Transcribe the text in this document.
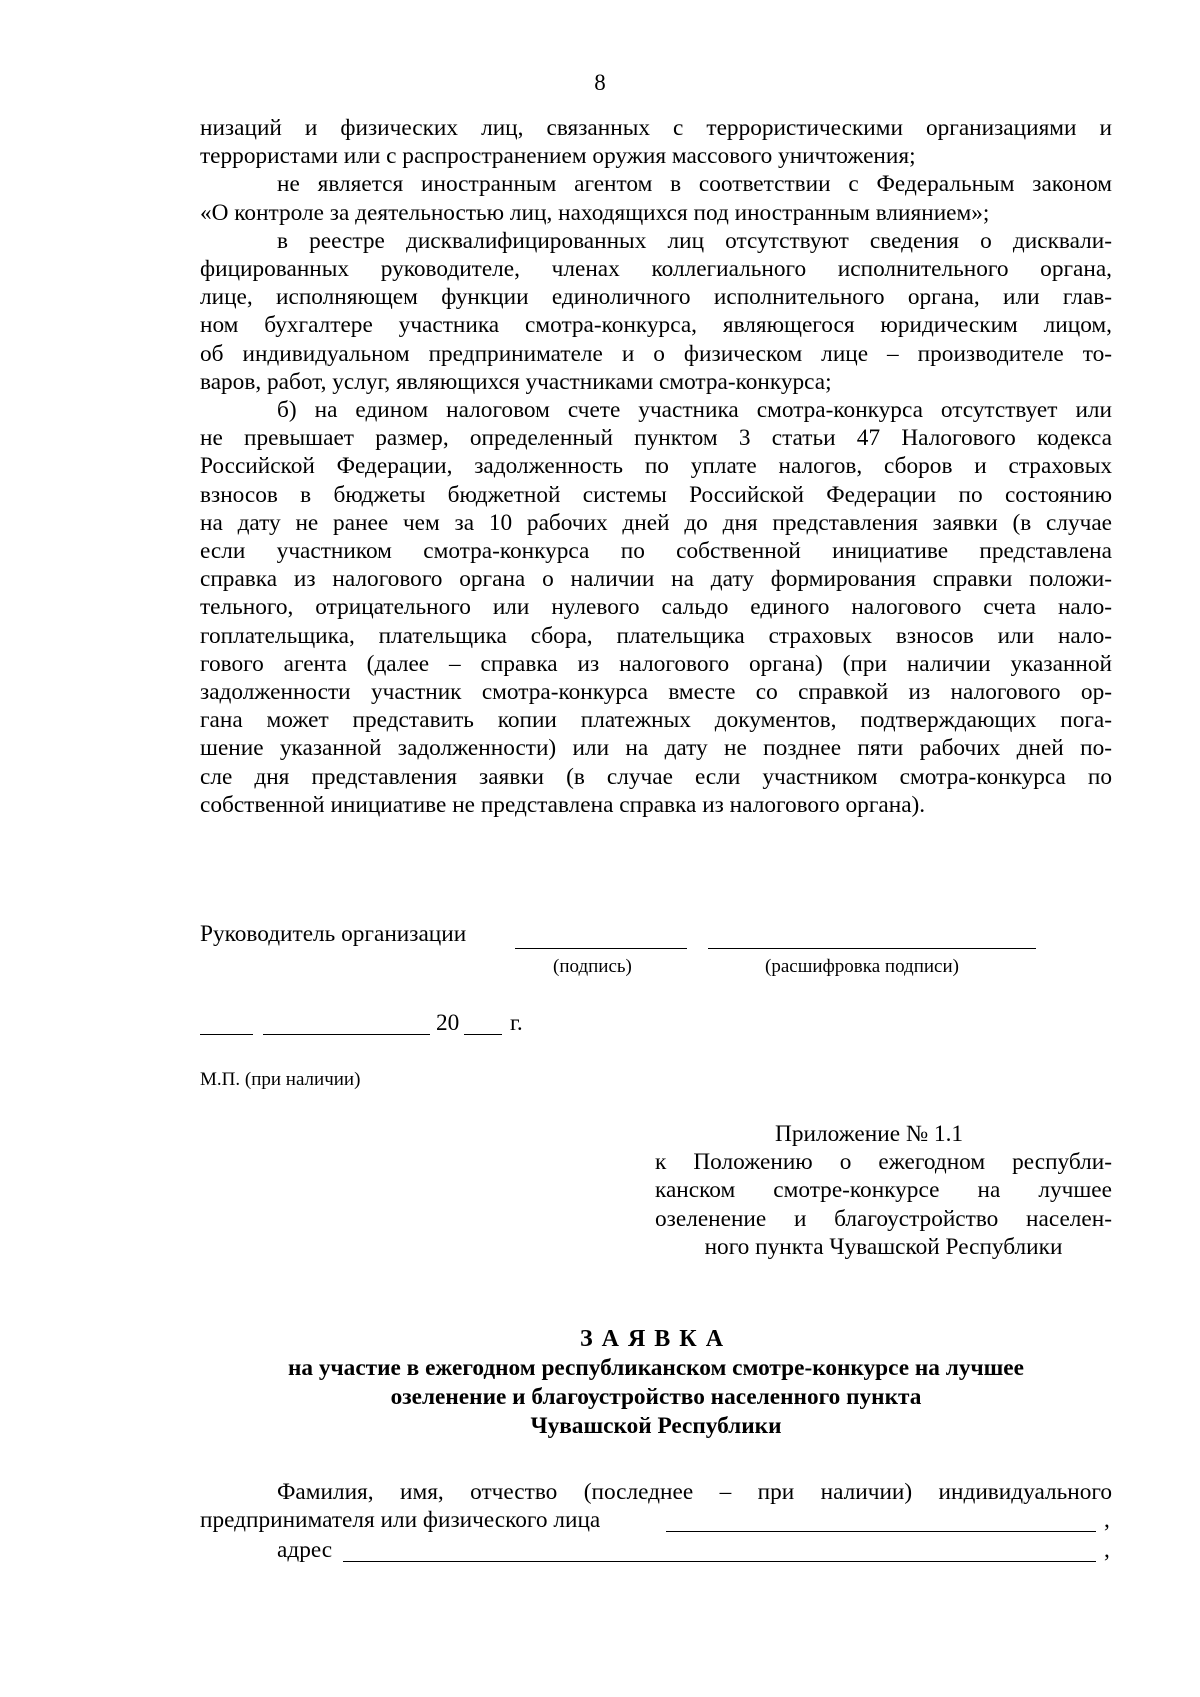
8
низаций и физических лиц, связанных с террористическими организациями и
террористами или с распространением оружия массового уничтожения;
не является иностранным агентом в соответствии с Федеральным законом
«О контроле за деятельностью лиц, находящихся под иностранным влиянием»;
в реестре дисквалифицированных лиц отсутствуют сведения о дисквали-
фицированных руководителе, членах коллегиального исполнительного органа,
лице, исполняющем функции единоличного исполнительного органа, или глав-
ном бухгалтере участника смотра-конкурса, являющегося юридическим лицом,
об индивидуальном предпринимателе и о физическом лице – производителе то-
варов, работ, услуг, являющихся участниками смотра-конкурса;
б) на едином налоговом счете участника смотра-конкурса отсутствует или
не превышает размер, определенный пунктом 3 статьи 47 Налогового кодекса
Российской Федерации, задолженность по уплате налогов, сборов и страховых
взносов в бюджеты бюджетной системы Российской Федерации по состоянию
на дату не ранее чем за 10 рабочих дней до дня представления заявки (в случае
если участником смотра-конкурса по собственной инициативе представлена
справка из налогового органа о наличии на дату формирования справки положи-
тельного, отрицательного или нулевого сальдо единого налогового счета нало-
гоплательщика, плательщика сбора, плательщика страховых взносов или нало-
гового агента (далее – справка из налогового органа) (при наличии указанной
задолженности участник смотра-конкурса вместе со справкой из налогового ор-
гана может представить копии платежных документов, подтверждающих пога-
шение указанной задолженности) или на дату не позднее пяти рабочих дней по-
сле дня представления заявки (в случае если участником смотра-конкурса по
собственной инициативе не представлена справка из налогового органа).
Руководитель организации
(подпись)	(расшифровка подписи)
20 г.
М.П. (при наличии)
Приложение № 1.1
к Положению о ежегодном республи-
канском смотре-конкурсе на лучшее
озеленение и благоустройство населен-
ного пункта Чувашской Республики
ЗАЯВКА
на участие в ежегодном республиканском смотре-конкурсе на лучшее
озеленение и благоустройство населенного пункта
Чувашской Республики
Фамилия, имя, отчество (последнее – при наличии) индивидуального
предпринимателя или физического лица	,
адрес	,
